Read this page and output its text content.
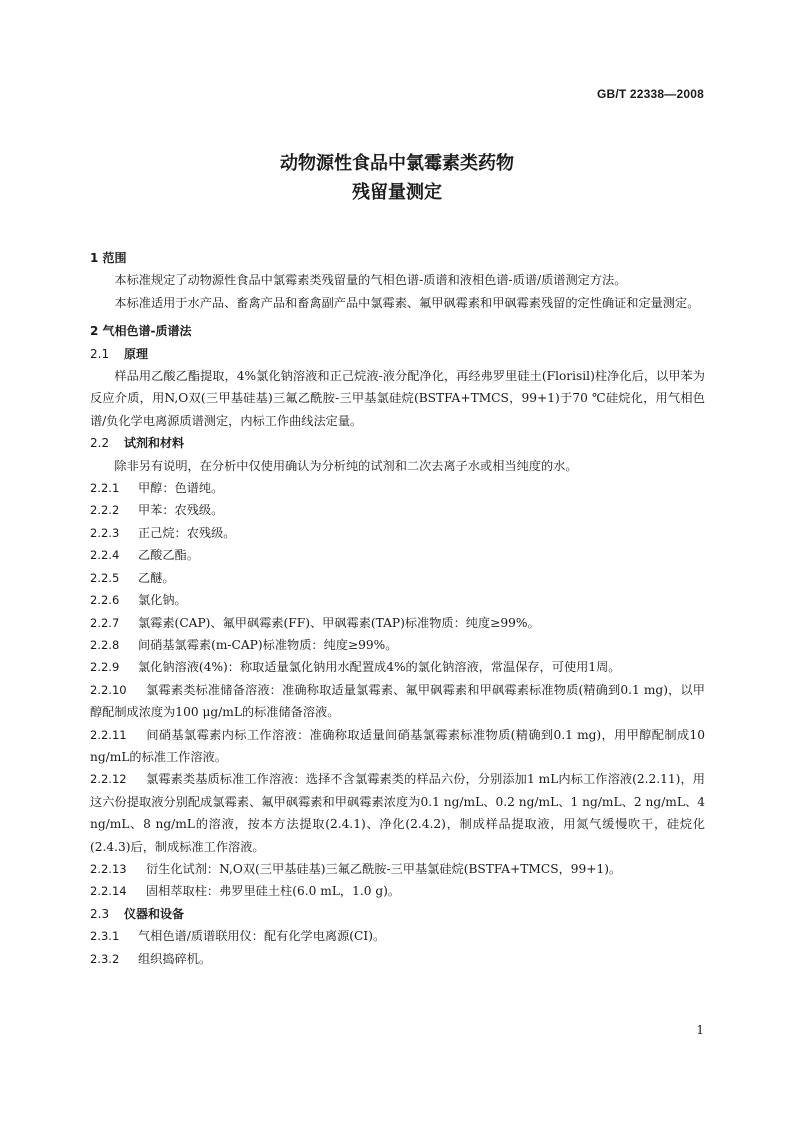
GB/T 22338—2008
动物源性食品中氯霉素类药物
残留量测定

1 范围

本标准规定了动物源性食品中氯霉素类残留量的气相色谱-质谱和液相色谱-质谱/质谱测定方法。

本标准适用于水产品、畜禽产品和畜禽副产品中氯霉素、氟甲砜霉素和甲砜霉素残留的定性确证和定量测定。

2 气相色谱-质谱法

2.1 原理

样品用乙酸乙酯提取，4%氯化钠溶液和正己烷液-液分配净化，再经弗罗里硅土(Florisil)柱净化后，以甲苯为反应介质，用N,O双(三甲基硅基)三氟乙酰胺-三甲基氯硅烷(BSTFA+TMCS，99+1)于70 ℃硅烷化，用气相色谱/负化学电离源质谱测定，内标工作曲线法定量。

2.2 试剂和材料

除非另有说明，在分析中仅使用确认为分析纯的试剂和二次去离子水或相当纯度的水。

2.2.1 甲醇：色谱纯。

2.2.2 甲苯：农残级。

2.2.3 正己烷：农残级。

2.2.4 乙酸乙酯。

2.2.5 乙醚。

2.2.6 氯化钠。

2.2.7 氯霉素(CAP)、氟甲砜霉素(FF)、甲砜霉素(TAP)标准物质：纯度≥99%。

2.2.8 间硝基氯霉素(m-CAP)标准物质：纯度≥99%。

2.2.9 氯化钠溶液(4%)：称取适量氯化钠用水配置成4%的氯化钠溶液，常温保存，可使用1周。

2.2.10 氯霉素类标准储备溶液：准确称取适量氯霉素、氟甲砜霉素和甲砜霉素标准物质(精确到0.1 mg)，以甲醇配制成浓度为100 μg/mL的标准储备溶液。

2.2.11 间硝基氯霉素内标工作溶液：准确称取适量间硝基氯霉素标准物质(精确到0.1 mg)，用甲醇配制成10 ng/mL的标准工作溶液。

2.2.12 氯霉素类基质标准工作溶液：选择不含氯霉素类的样品六份，分别添加1 mL内标工作溶液(2.2.11)，用这六份提取液分别配成氯霉素、氟甲砜霉素和甲砜霉素浓度为0.1 ng/mL、0.2 ng/mL、1 ng/mL、2 ng/mL、4 ng/mL、8 ng/mL的溶液，按本方法提取(2.4.1)、净化(2.4.2)，制成样品提取液，用氮气缓慢吹干，硅烷化(2.4.3)后，制成标准工作溶液。

2.2.13 衍生化试剂：N,O双(三甲基硅基)三氟乙酰胺-三甲基氯硅烷(BSTFA+TMCS，99+1)。

2.2.14 固相萃取柱：弗罗里硅土柱(6.0 mL，1.0 g)。

2.3 仪器和设备

2.3.1 气相色谱/质谱联用仪：配有化学电离源(CI)。

2.3.2 组织捣碎机。

1
